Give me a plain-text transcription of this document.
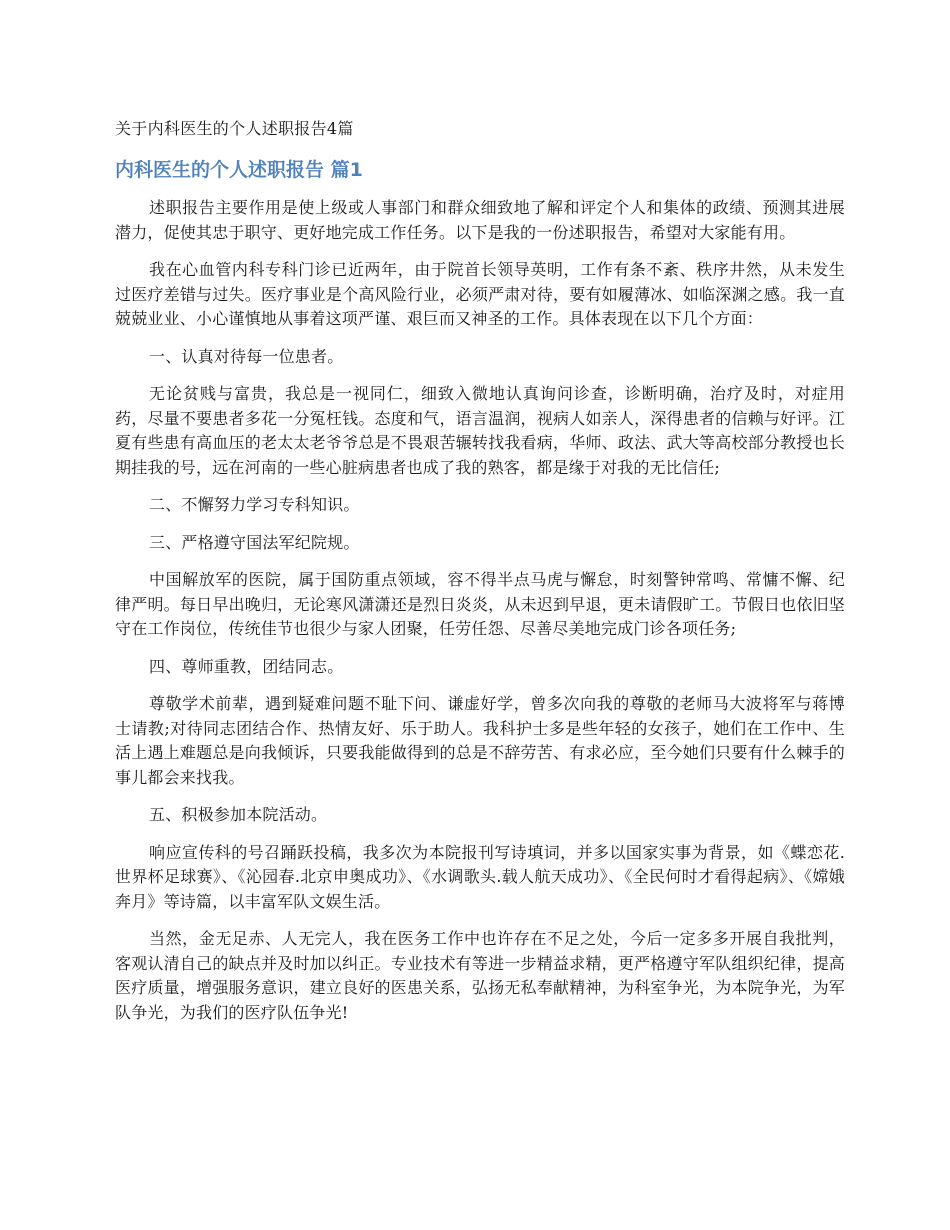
关于内科医生的个人述职报告4篇
内科医生的个人述职报告 篇1

述职报告主要作用是使上级或人事部门和群众细致地了解和评定个人和集体的政绩、预测其进展潜力，促使其忠于职守、更好地完成工作任务。以下是我的一份述职报告，希望对大家能有用。

我在心血管内科专科门诊已近两年，由于院首长领导英明，工作有条不紊、秩序井然，从未发生过医疗差错与过失。医疗事业是个高风险行业，必须严肃对待，要有如履薄冰、如临深渊之感。我一直兢兢业业、小心谨慎地从事着这项严谨、艰巨而又神圣的工作。具体表现在以下几个方面：

一、认真对待每一位患者。

无论贫贱与富贵，我总是一视同仁，细致入微地认真询问诊查，诊断明确，治疗及时，对症用药，尽量不要患者多花一分冤枉钱。态度和气，语言温润，视病人如亲人，深得患者的信赖与好评。江夏有些患有高血压的老太太老爷爷总是不畏艰苦辗转找我看病，华师、政法、武大等高校部分教授也长期挂我的号，远在河南的一些心脏病患者也成了我的熟客，都是缘于对我的无比信任;

二、不懈努力学习专科知识。

三、严格遵守国法军纪院规。

中国解放军的医院，属于国防重点领域，容不得半点马虎与懈怠，时刻警钟常鸣、常慵不懈、纪律严明。每日早出晚归，无论寒风潇潇还是烈日炎炎，从未迟到早退，更未请假旷工。节假日也依旧坚守在工作岗位，传统佳节也很少与家人团聚，任劳任怨、尽善尽美地完成门诊各项任务;

四、尊师重教，团结同志。

尊敬学术前辈，遇到疑难问题不耻下问、谦虚好学，曾多次向我的尊敬的老师马大波将军与蒋博士请教;对待同志团结合作、热情友好、乐于助人。我科护士多是些年轻的女孩子，她们在工作中、生活上遇上难题总是向我倾诉，只要我能做得到的总是不辞劳苦、有求必应，至今她们只要有什么棘手的事儿都会来找我。

五、积极参加本院活动。

响应宣传科的号召踊跃投稿，我多次为本院报刊写诗填词，并多以国家实事为背景，如《蝶恋花.世界杯足球赛》、《沁园春.北京申奥成功》、《水调歌头.载人航天成功》、《全民何时才看得起病》、《嫦娥奔月》等诗篇，以丰富军队文娱生活。

当然，金无足赤、人无完人，我在医务工作中也许存在不足之处，今后一定多多开展自我批判，客观认清自己的缺点并及时加以纠正。专业技术有等进一步精益求精，更严格遵守军队组织纪律，提高医疗质量，增强服务意识，建立良好的医患关系，弘扬无私奉献精神，为科室争光，为本院争光，为军队争光，为我们的医疗队伍争光!
